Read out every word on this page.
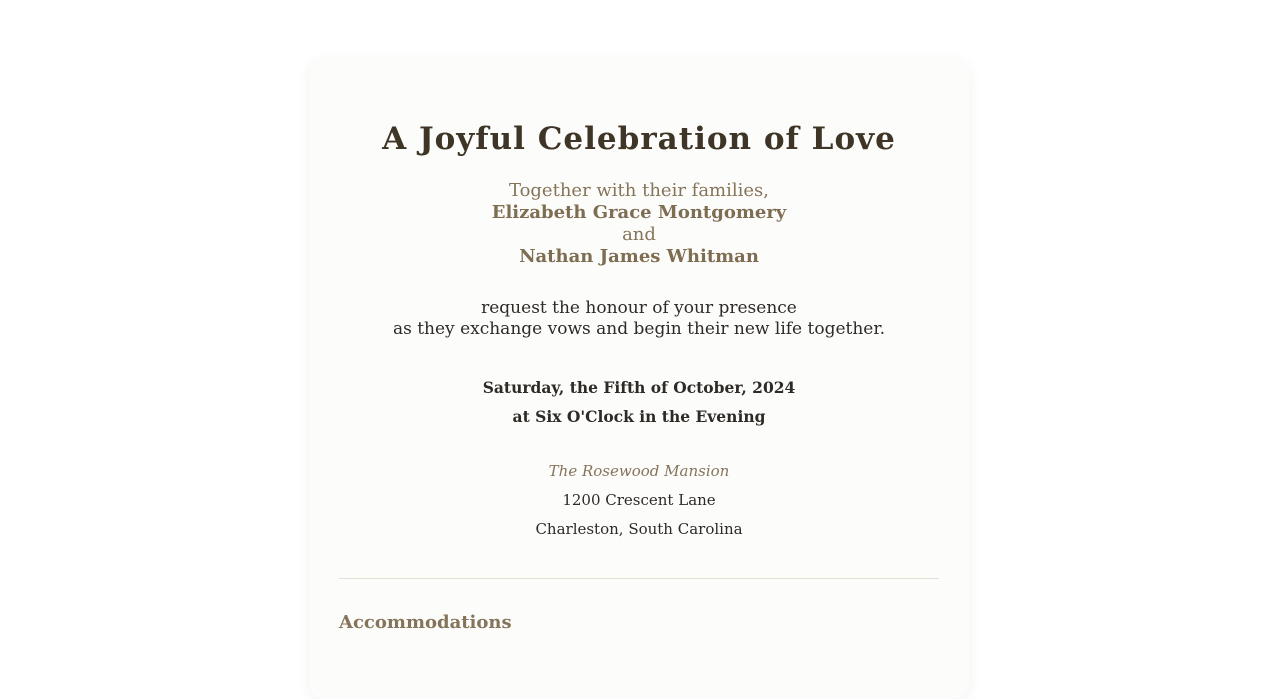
A Joyful Celebration of Love
Together with their families,
Elizabeth Grace Montgomery
and
Nathan James Whitman
request the honour of your presence
as they exchange vows and begin their new life together.
Saturday, the Fifth of October, 2024
at Six O'Clock in the Evening
The Rosewood Mansion
1200 Crescent Lane
Charleston, South Carolina
Accommodations
